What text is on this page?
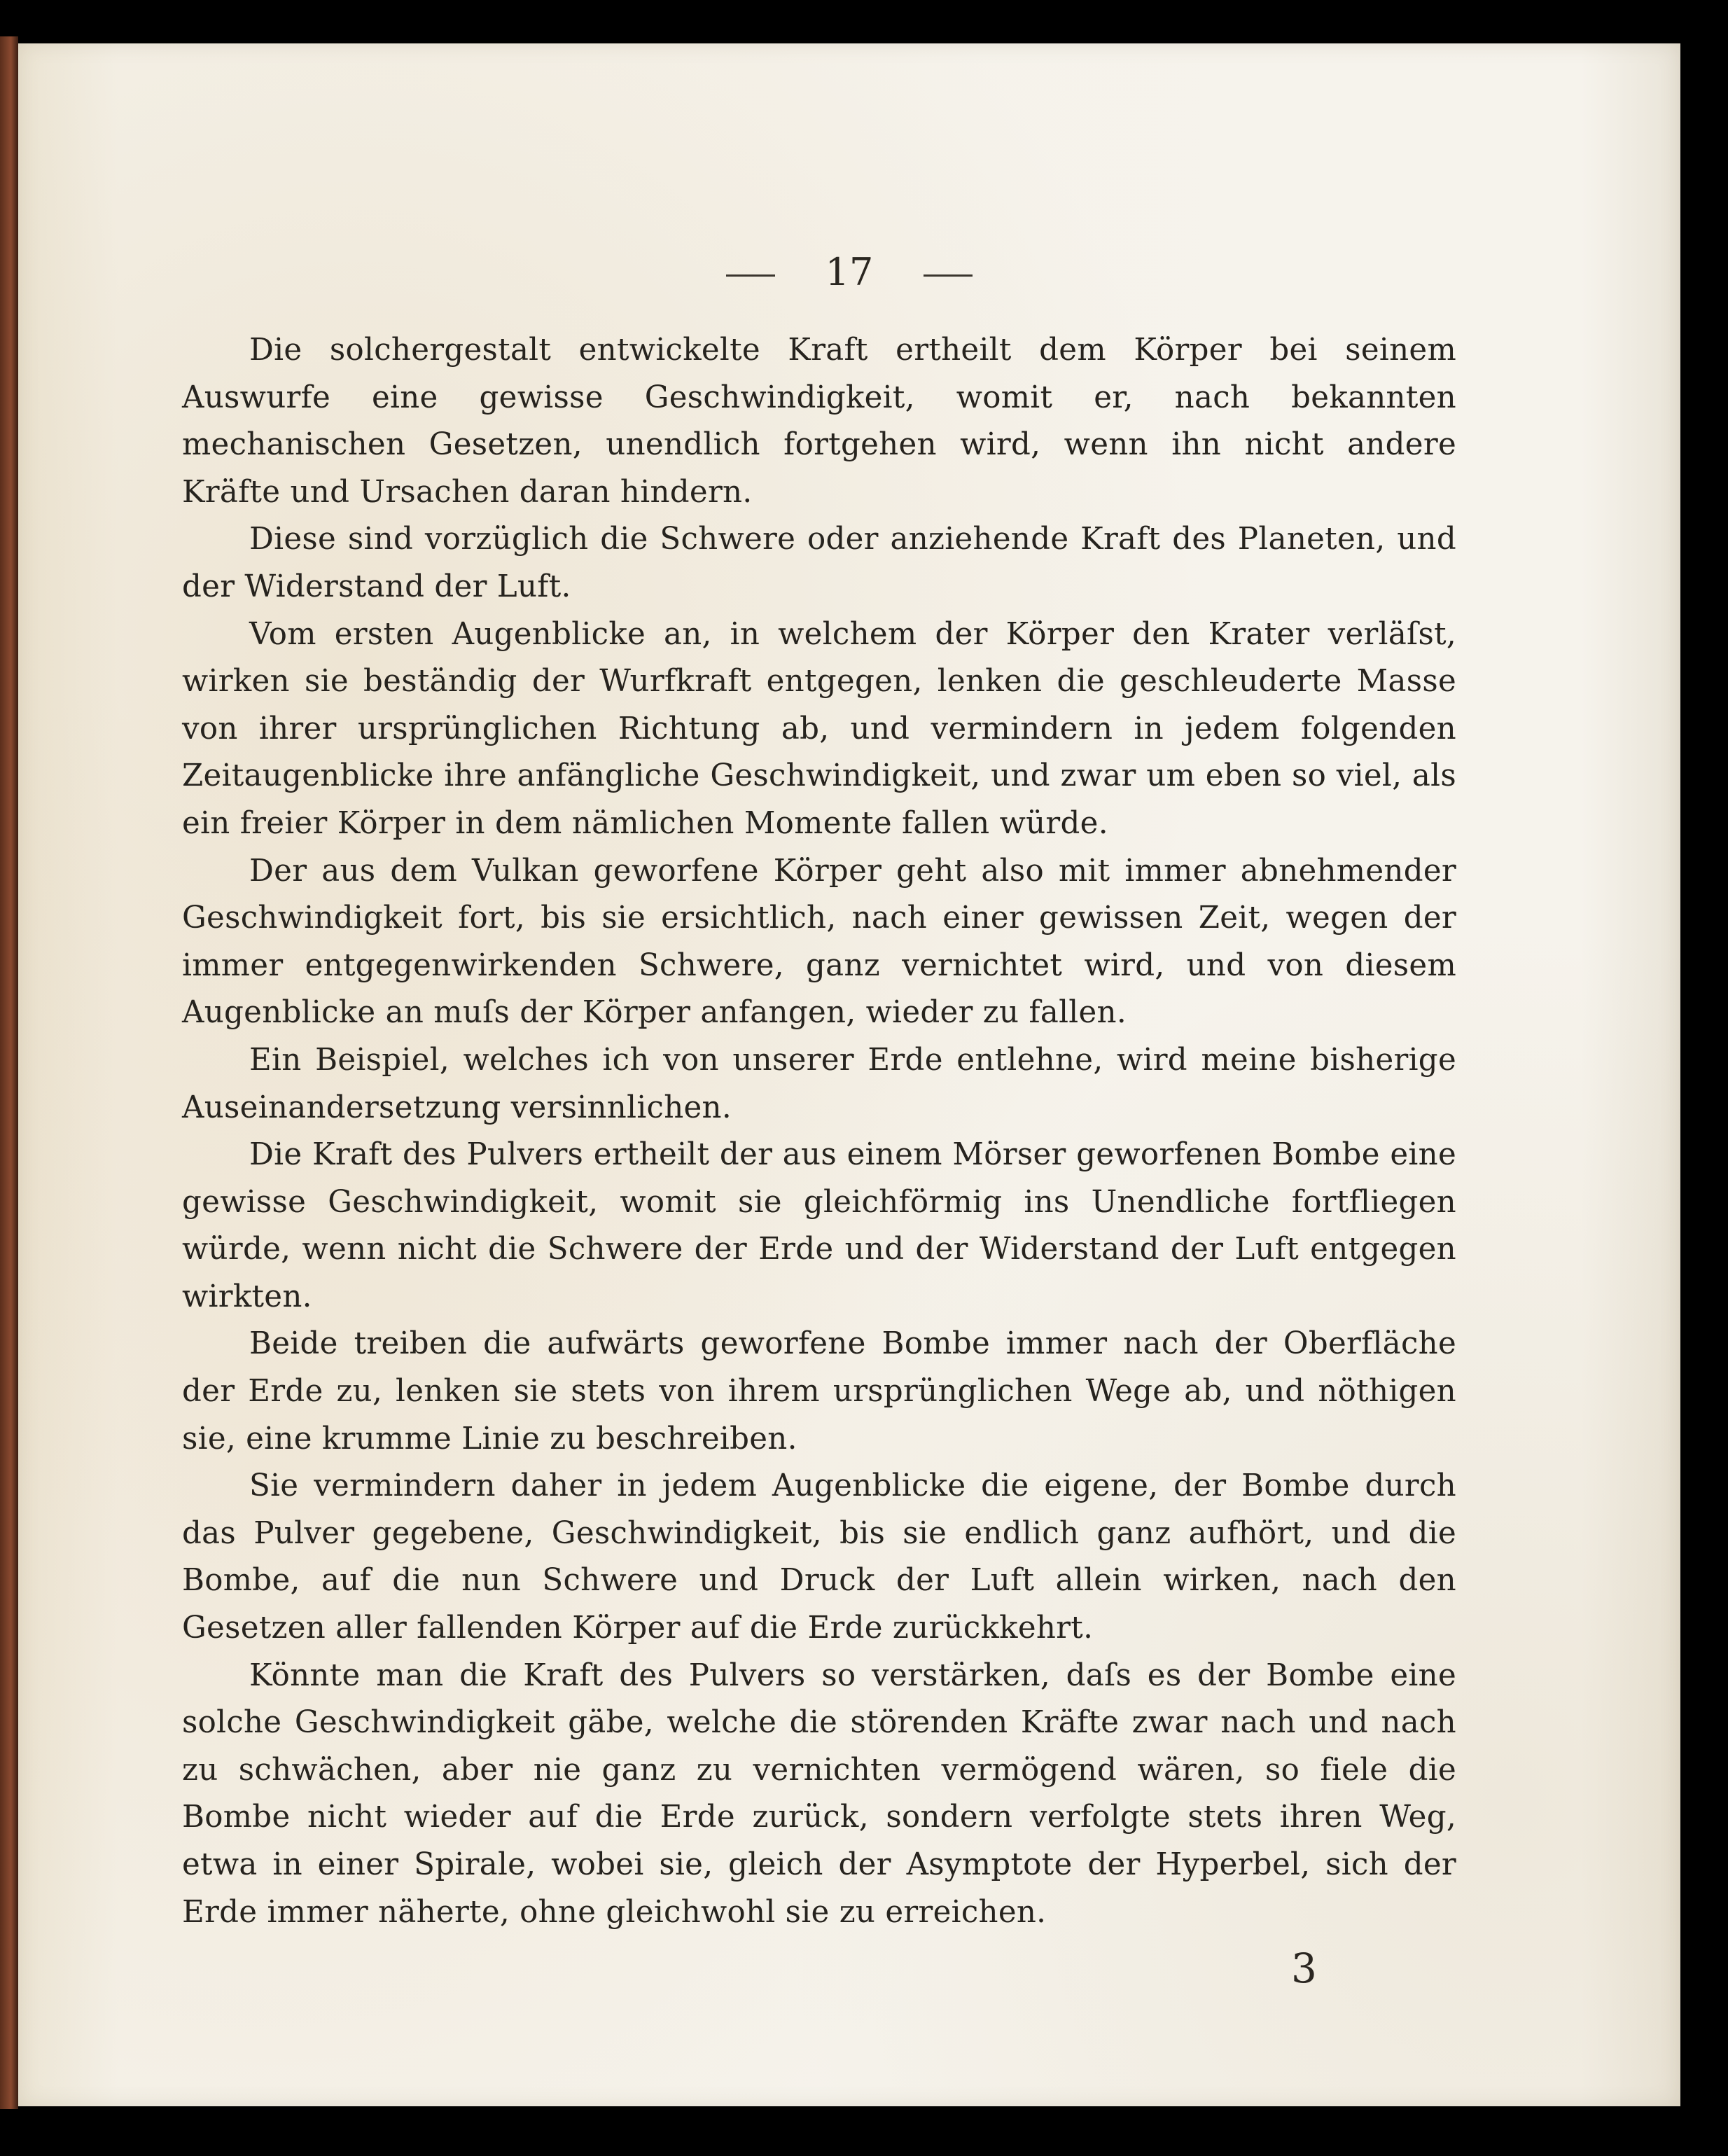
17

Die solchergestalt entwickelte Kraft ertheilt dem Körper bei seinem Auswurfe eine gewisse Geschwindigkeit, womit er, nach bekannten mechanischen Gesetzen, unendlich fortgehen wird, wenn ihn nicht andere Kräfte und Ursachen daran hindern.

Diese sind vorzüglich die Schwere oder anziehende Kraft des Planeten, und der Widerstand der Luft.

Vom ersten Augenblicke an, in welchem der Körper den Krater verläſst, wirken sie beständig der Wurfkraft entgegen, lenken die geschleuderte Masse von ihrer ursprünglichen Richtung ab, und vermindern in jedem folgenden Zeitaugenblicke ihre anfängliche Geschwindigkeit, und zwar um eben so viel, als ein freier Körper in dem nämlichen Momente fallen würde.

Der aus dem Vulkan geworfene Körper geht also mit immer abnehmender Geschwindigkeit fort, bis sie ersichtlich, nach einer gewissen Zeit, wegen der immer entgegenwirkenden Schwere, ganz vernichtet wird, und von diesem Augenblicke an muſs der Körper anfangen, wieder zu fallen.

Ein Beispiel, welches ich von unserer Erde entlehne, wird meine bisherige Auseinandersetzung versinnlichen.

Die Kraft des Pulvers ertheilt der aus einem Mörser geworfenen Bombe eine gewisse Geschwindigkeit, womit sie gleichförmig ins Unendliche fortfliegen würde, wenn nicht die Schwere der Erde und der Widerstand der Luft entgegen wirkten.

Beide treiben die aufwärts geworfene Bombe immer nach der Oberfläche der Erde zu, lenken sie stets von ihrem ursprünglichen Wege ab, und nöthigen sie, eine krumme Linie zu beschreiben.

Sie vermindern daher in jedem Augenblicke die eigene, der Bombe durch das Pulver gegebene, Geschwindigkeit, bis sie endlich ganz aufhört, und die Bombe, auf die nun Schwere und Druck der Luft allein wirken, nach den Gesetzen aller fallenden Körper auf die Erde zurückkehrt.

Könnte man die Kraft des Pulvers so verstärken, daſs es der Bombe eine solche Geschwindigkeit gäbe, welche die störenden Kräfte zwar nach und nach zu schwächen, aber nie ganz zu vernichten vermögend wären, so fiele die Bombe nicht wieder auf die Erde zurück, sondern verfolgte stets ihren Weg, etwa in einer Spirale, wobei sie, gleich der Asymptote der Hyperbel, sich der Erde immer näherte, ohne gleichwohl sie zu erreichen.

3
